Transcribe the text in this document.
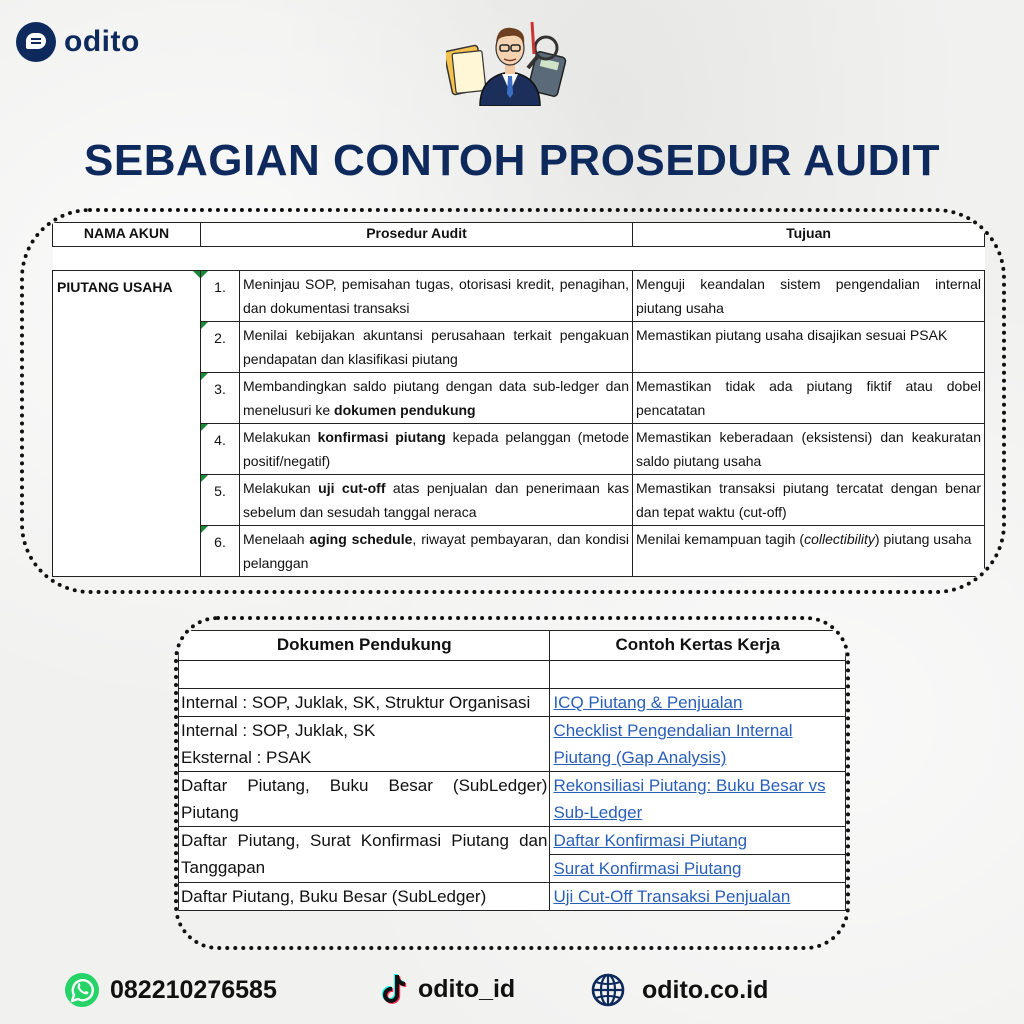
odito
SEBAGIAN CONTOH PROSEDUR AUDIT
NAMA AKUN	Prosedur Audit		Tujuan

PIUTANG USAHA	1.	Meninjau SOP, pemisahan tugas, otorisasi kredit, penagihan, dan dokumentasi transaksi	Menguji keandalan sistem pengendalian internal piutang usaha
	2.	Menilai kebijakan akuntansi perusahaan terkait pengakuan pendapatan dan klasifikasi piutang	Memastikan piutang usaha disajikan sesuai PSAK
	3.	Membandingkan saldo piutang dengan data sub-ledger dan menelusuri ke dokumen pendukung	Memastikan tidak ada piutang fiktif atau dobel pencatatan
	4.	Melakukan konfirmasi piutang kepada pelanggan (metode positif/negatif)	Memastikan keberadaan (eksistensi) dan keakuratan saldo piutang usaha
	5.	Melakukan uji cut-off atas penjualan dan penerimaan kas sebelum dan sesudah tanggal neraca	Memastikan transaksi piutang tercatat dengan benar dan tepat waktu (cut-off)
	6.	Menelaah aging schedule, riwayat pembayaran, dan kondisi pelanggan	Menilai kemampuan tagih (collectibility) piutang usaha
Dokumen Pendukung	Contoh Kertas Kerja

Internal : SOP, Juklak, SK, Struktur Organisasi	ICQ Piutang & Penjualan

Internal : SOP, Juklak, SK
Eksternal : PSAK	Checklist Pengendalian Internal Piutang (Gap Analysis)
Daftar Piutang, Buku Besar (SubLedger) Piutang	Rekonsiliasi Piutang: Buku Besar vs Sub-Ledger
Daftar Piutang, Surat Konfirmasi Piutang dan Tanggapan	Daftar Konfirmasi Piutang
Surat Konfirmasi Piutang

Daftar Piutang, Buku Besar (SubLedger)	Uji Cut-Off Transaksi Penjualan
082210276585	odito_id	odito.co.id
